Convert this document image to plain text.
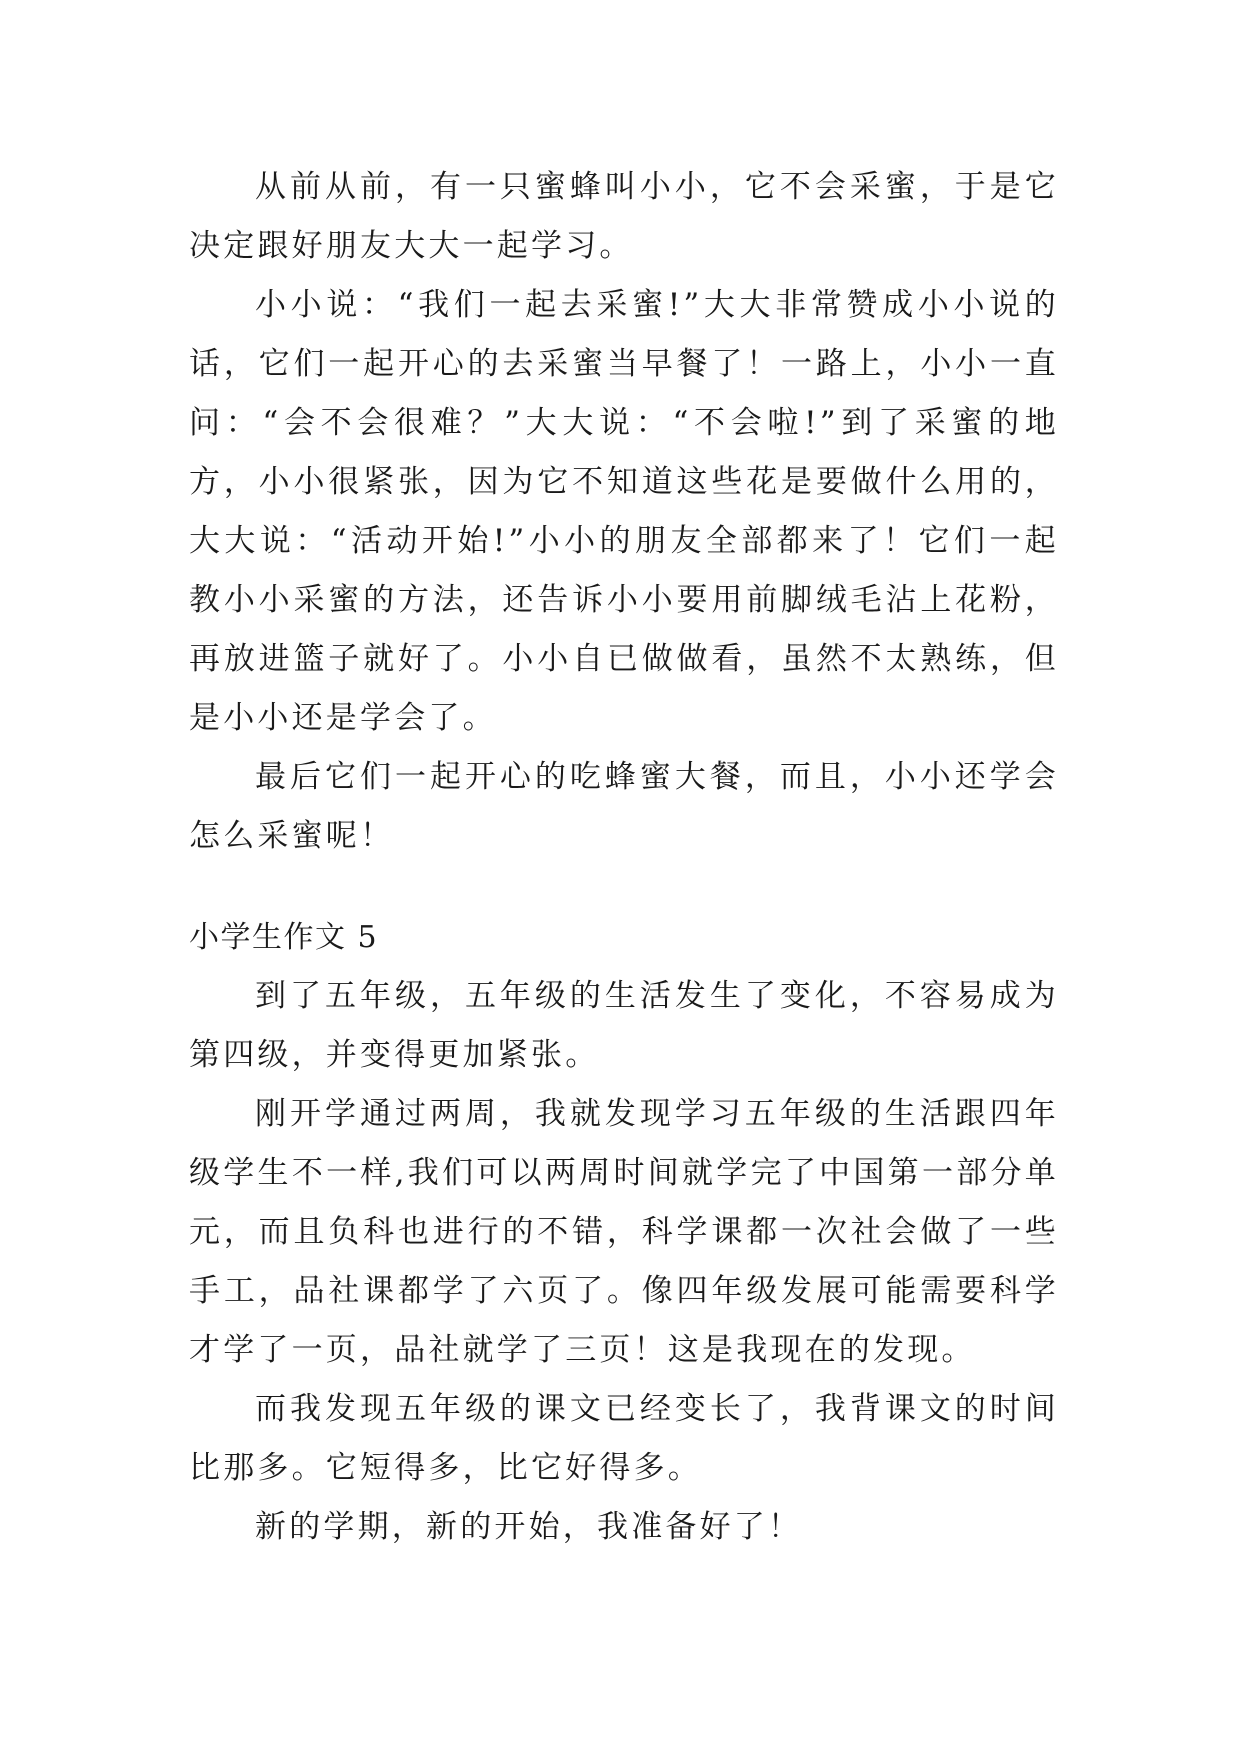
从前从前，有一只蜜蜂叫小小，它不会采蜜，于是它决定跟好朋友大大一起学习。

小小说：“我们一起去采蜜!”大大非常赞成小小说的话，它们一起开心的去采蜜当早餐了！一路上，小小一直问：“会不会很难？”大大说：“不会啦!”到了采蜜的地方，小小很紧张，因为它不知道这些花是要做什么用的，大大说：“活动开始!”小小的朋友全部都来了！它们一起教小小采蜜的方法，还告诉小小要用前脚绒毛沾上花粉，再放进篮子就好了。小小自已做做看，虽然不太熟练，但是小小还是学会了。

最后它们一起开心的吃蜂蜜大餐，而且，小小还学会怎么采蜜呢！

小学生作文 5

到了五年级，五年级的生活发生了变化，不容易成为第四级，并变得更加紧张。

刚开学通过两周，我就发现学习五年级的生活跟四年级学生不一样,我们可以两周时间就学完了中国第一部分单元，而且负科也进行的不错，科学课都一次社会做了一些手工，品社课都学了六页了。像四年级发展可能需要科学才学了一页，品社就学了三页！这是我现在的发现。

而我发现五年级的课文已经变长了，我背课文的时间比那多。它短得多，比它好得多。

新的学期，新的开始，我准备好了！
